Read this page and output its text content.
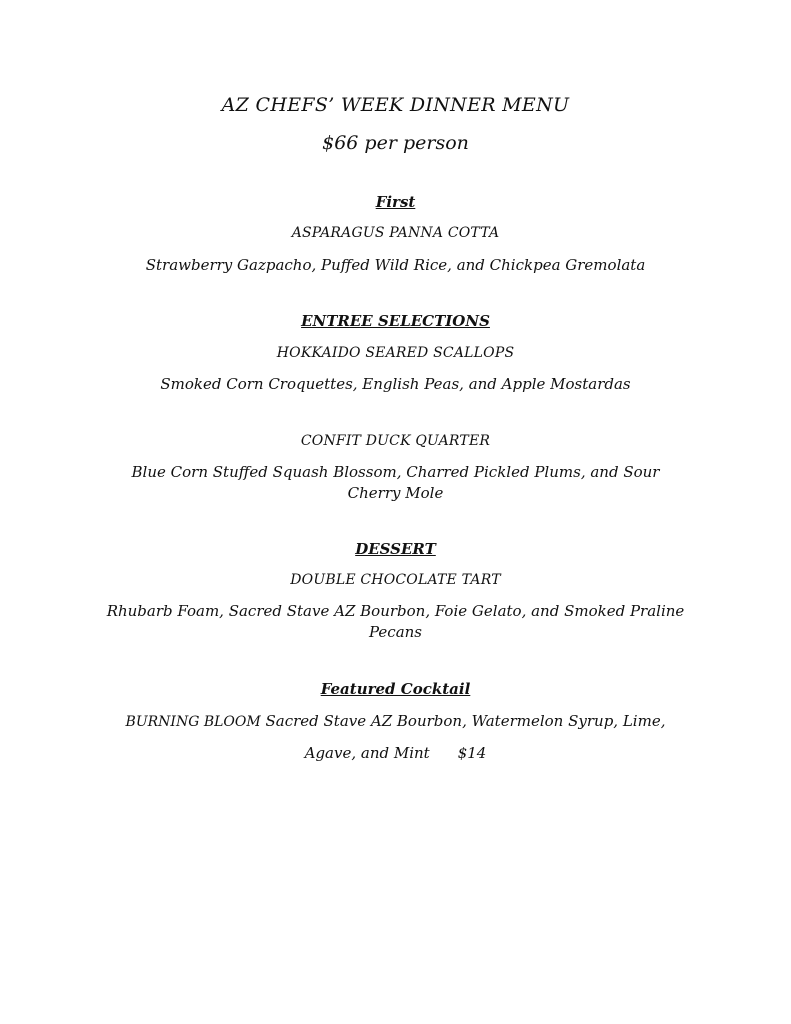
AZ CHEFS’ WEEK DINNER MENU
$66 per person
First
ASPARAGUS PANNA COTTA
Strawberry Gazpacho, Puffed Wild Rice, and Chickpea Gremolata
ENTREE SELECTIONS
HOKKAIDO SEARED SCALLOPS
Smoked Corn Croquettes, English Peas, and Apple Mostardas
CONFIT DUCK QUARTER
Blue Corn Stuffed Squash Blossom, Charred Pickled Plums, and Sour Cherry Mole
DESSERT
DOUBLE CHOCOLATE TART
Rhubarb Foam, Sacred Stave AZ Bourbon, Foie Gelato, and Smoked Praline Pecans
Featured Cocktail
BURNING BLOOM Sacred Stave AZ Bourbon, Watermelon Syrup, Lime,
Agave, and Mint $14
